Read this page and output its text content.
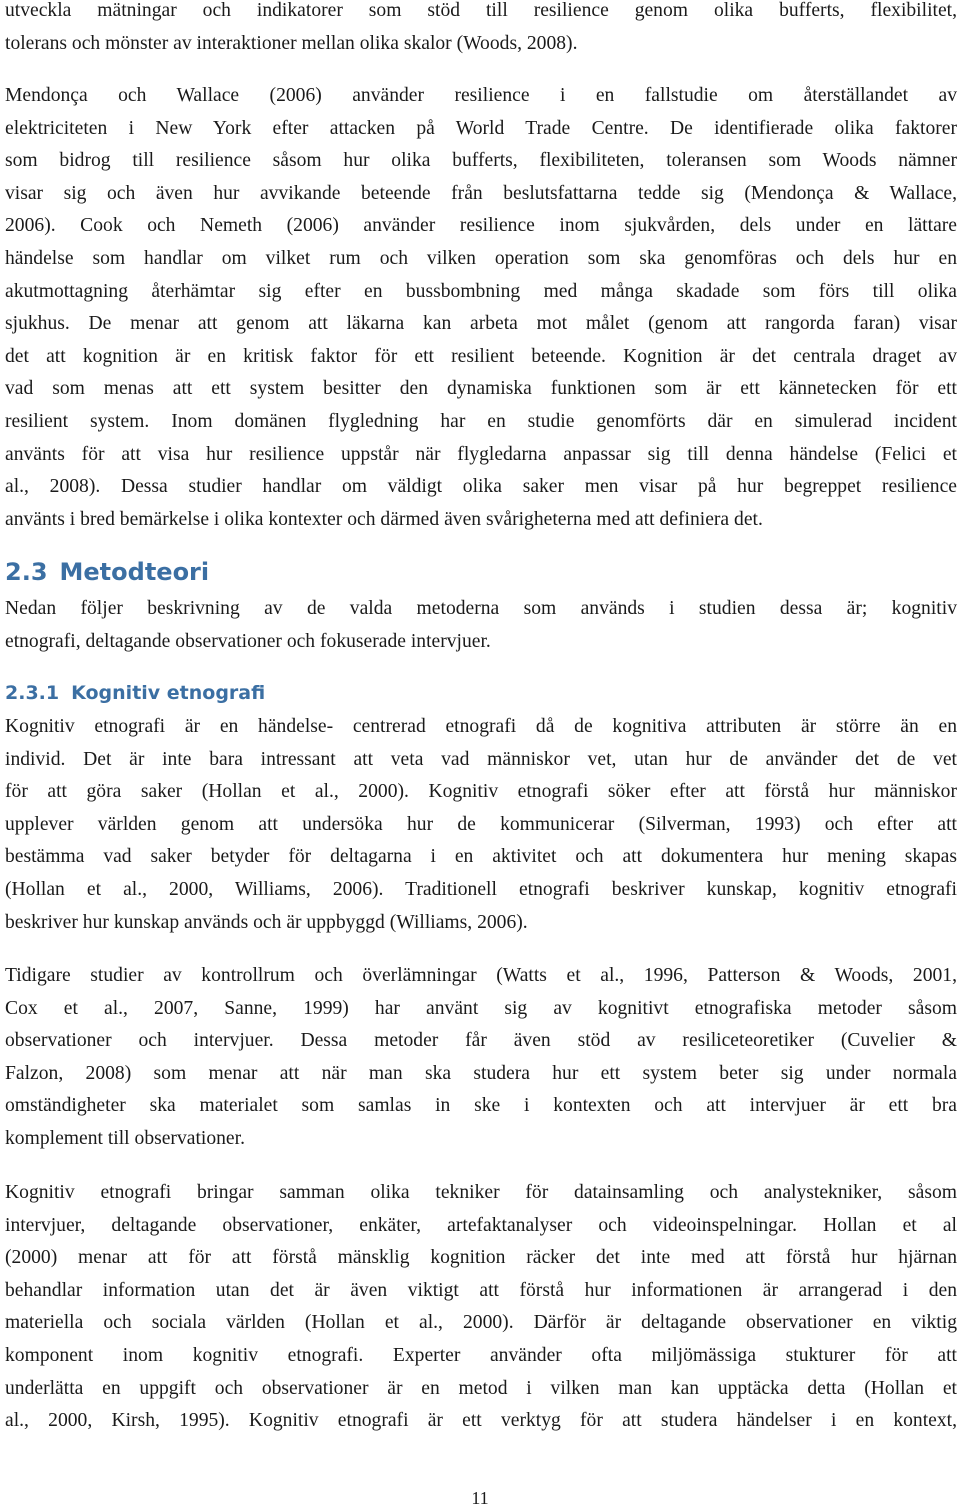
utveckla mätningar och indikatorer som stöd till resilience genom olika bufferts, flexibilitet,
tolerans och mönster av interaktioner mellan olika skalor (Woods, 2008).
Mendonça och Wallace (2006) använder resilience i en fallstudie om återställandet av
elektriciteten i New York efter attacken på World Trade Centre. De identifierade olika faktorer
som bidrog till resilience såsom hur olika bufferts, flexibiliteten, toleransen som Woods nämner
visar sig och även hur avvikande beteende från beslutsfattarna tedde sig (Mendonça & Wallace,
2006). Cook och Nemeth (2006) använder resilience inom sjukvården, dels under en lättare
händelse som handlar om vilket rum och vilken operation som ska genomföras och dels hur en
akutmottagning återhämtar sig efter en bussbombning med många skadade som förs till olika
sjukhus. De menar att genom att läkarna kan arbeta mot målet (genom att rangorda faran) visar
det att kognition är en kritisk faktor för ett resilient beteende. Kognition är det centrala draget av
vad som menas att ett system besitter den dynamiska funktionen som är ett kännetecken för ett
resilient system. Inom domänen flygledning har en studie genomförts där en simulerad incident
använts för att visa hur resilience uppstår när flygledarna anpassar sig till denna händelse (Felici et
al., 2008). Dessa studier handlar om väldigt olika saker men visar på hur begreppet resilience
använts i bred bemärkelse i olika kontexter och därmed även svårigheterna med att definiera det.
2.3 Metodteori
Nedan följer beskrivning av de valda metoderna som används i studien dessa är; kognitiv
etnografi, deltagande observationer och fokuserade intervjuer.
2.3.1 Kognitiv etnografi
Kognitiv etnografi är en händelse- centrerad etnografi då de kognitiva attributen är större än en
individ. Det är inte bara intressant att veta vad människor vet, utan hur de använder det de vet
för att göra saker (Hollan et al., 2000). Kognitiv etnografi söker efter att förstå hur människor
upplever världen genom att undersöka hur de kommunicerar (Silverman, 1993) och efter att
bestämma vad saker betyder för deltagarna i en aktivitet och att dokumentera hur mening skapas
(Hollan et al., 2000, Williams, 2006). Traditionell etnografi beskriver kunskap, kognitiv etnografi
beskriver hur kunskap används och är uppbyggd (Williams, 2006).
Tidigare studier av kontrollrum och överlämningar (Watts et al., 1996, Patterson & Woods, 2001,
Cox et al., 2007, Sanne, 1999) har använt sig av kognitivt etnografiska metoder såsom
observationer och intervjuer. Dessa metoder får även stöd av resiliceteoretiker (Cuvelier &
Falzon, 2008) som menar att när man ska studera hur ett system beter sig under normala
omständigheter ska materialet som samlas in ske i kontexten och att intervjuer är ett bra
komplement till observationer.
Kognitiv etnografi bringar samman olika tekniker för datainsamling och analystekniker, såsom
intervjuer, deltagande observationer, enkäter, artefaktanalyser och videoinspelningar. Hollan et al
(2000) menar att för att förstå mänsklig kognition räcker det inte med att förstå hur hjärnan
behandlar information utan det är även viktigt att förstå hur informationen är arrangerad i den
materiella och sociala världen (Hollan et al., 2000). Därför är deltagande observationer en viktig
komponent inom kognitiv etnografi. Experter använder ofta miljömässiga stukturer för att
underlätta en uppgift och observationer är en metod i vilken man kan upptäcka detta (Hollan et
al., 2000, Kirsh, 1995). Kognitiv etnografi är ett verktyg för att studera händelser i en kontext,
11
